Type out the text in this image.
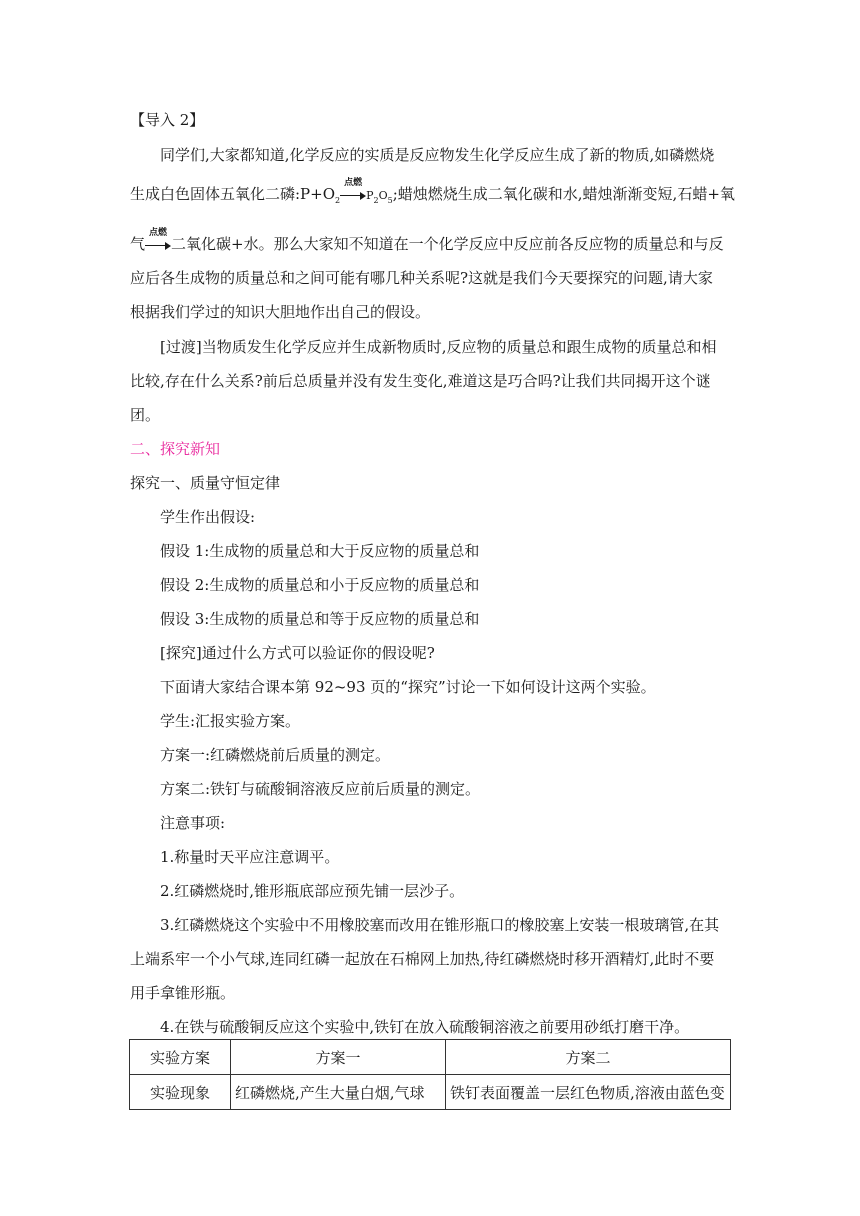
【导入 2】
同学们,大家都知道,化学反应的实质是反应物发生化学反应生成了新的物质,如磷燃烧
生成白色固体五氧化二磷$:P+O_2$
点燃
$P_2O_5$;蜡烛燃烧生成二氧化碳和水,蜡烛渐渐变短,石蜡+氧
气
点燃
二氧化碳+水。那么大家知不知道在一个化学反应中反应前各反应物的质量总和与反
应后各生成物的质量总和之间可能有哪几种关系呢?这就是我们今天要探究的问题,请大家
根据我们学过的知识大胆地作出自己的假设。
[过渡]当物质发生化学反应并生成新物质时,反应物的质量总和跟生成物的质量总和相
比较,存在什么关系?前后总质量并没有发生变化,难道这是巧合吗?让我们共同揭开这个谜
团。
二、探究新知
探究一、质量守恒定律
学生作出假设:
假设 1:生成物的质量总和大于反应物的质量总和
假设 2:生成物的质量总和小于反应物的质量总和
假设 3:生成物的质量总和等于反应物的质量总和
[探究]通过什么方式可以验证你的假设呢?
下面请大家结合课本第 92~93 页的“探究”讨论一下如何设计这两个实验。
学生:汇报实验方案。
方案一:红磷燃烧前后质量的测定。
方案二:铁钉与硫酸铜溶液反应前后质量的测定。
注意事项:
1.称量时天平应注意调平。
2.红磷燃烧时,锥形瓶底部应预先铺一层沙子。
3.红磷燃烧这个实验中不用橡胶塞而改用在锥形瓶口的橡胶塞上安装一根玻璃管,在其
上端系牢一个小气球,连同红磷一起放在石棉网上加热,待红磷燃烧时移开酒精灯,此时不要
用手拿锥形瓶。
4.在铁与硫酸铜反应这个实验中,铁钉在放入硫酸铜溶液之前要用砂纸打磨干净。
实验方案	方案一	方案二
实验现象	红磷燃烧,产生大量白烟,气球	铁钉表面覆盖一层红色物质,溶液由蓝色变
